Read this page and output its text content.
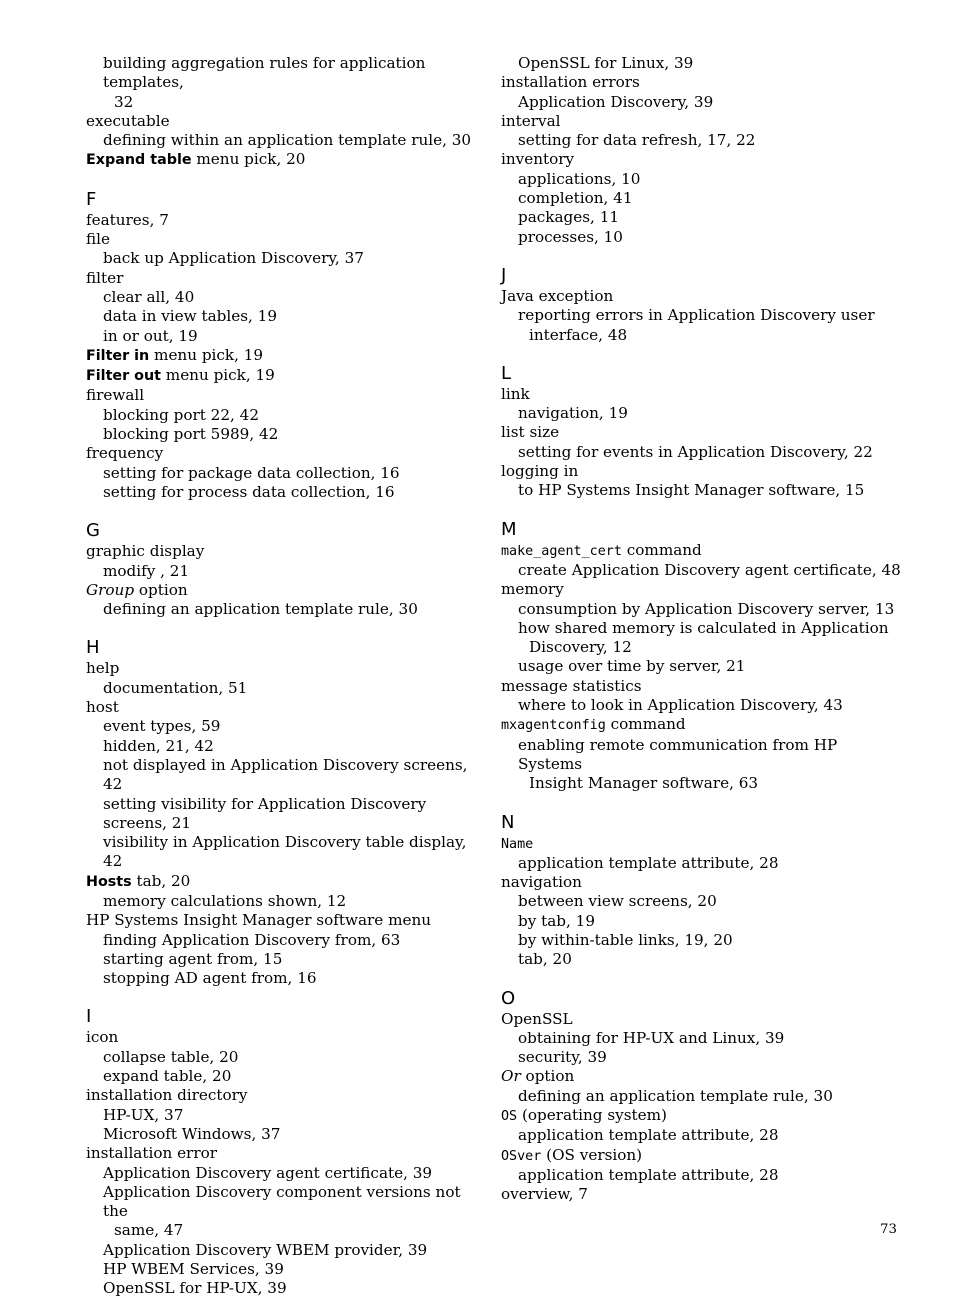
building aggregation rules for application templates,
32
executable
defining within an application template rule, 30
Expand table menu pick, 20
F
features, 7
file
back up Application Discovery, 37
filter
clear all, 40
data in view tables, 19
in or out, 19
Filter in menu pick, 19
Filter out menu pick, 19
firewall
blocking port 22, 42
blocking port 5989, 42
frequency
setting for package data collection, 16
setting for process data collection, 16
G
graphic display
modify , 21
Group option
defining an application template rule, 30
H
help
documentation, 51
host
event types, 59
hidden, 21, 42
not displayed in Application Discovery screens, 42
setting visibility for Application Discovery screens, 21
visibility in Application Discovery table display, 42
Hosts tab, 20
memory calculations shown, 12
HP Systems Insight Manager software menu
finding Application Discovery from, 63
starting agent from, 15
stopping AD agent from, 16
I
icon
collapse table, 20
expand table, 20
installation directory
HP-UX, 37
Microsoft Windows, 37
installation error
Application Discovery agent certificate, 39
Application Discovery component versions not the
same, 47
Application Discovery WBEM provider, 39
HP WBEM Services, 39
OpenSSL for HP-UX, 39
OpenSSL for Linux, 39
installation errors
Application Discovery, 39
interval
setting for data refresh, 17, 22
inventory
applications, 10
completion, 41
packages, 11
processes, 10
J
Java exception
reporting errors in Application Discovery user
interface, 48
L
link
navigation, 19
list size
setting for events in Application Discovery, 22
logging in
to HP Systems Insight Manager software, 15
M
make_agent_cert command
create Application Discovery agent certificate, 48
memory
consumption by Application Discovery server, 13
how shared memory is calculated in Application
Discovery, 12
usage over time by server, 21
message statistics
where to look in Application Discovery, 43
mxagentconfig command
enabling remote communication from HP Systems
Insight Manager software, 63
N
Name
application template attribute, 28
navigation
between view screens, 20
by tab, 19
by within-table links, 19, 20
tab, 20
O
OpenSSL
obtaining for HP-UX and Linux, 39
security, 39
Or option
defining an application template rule, 30
OS (operating system)
application template attribute, 28
OSver (OS version)
application template attribute, 28
overview, 7
73
